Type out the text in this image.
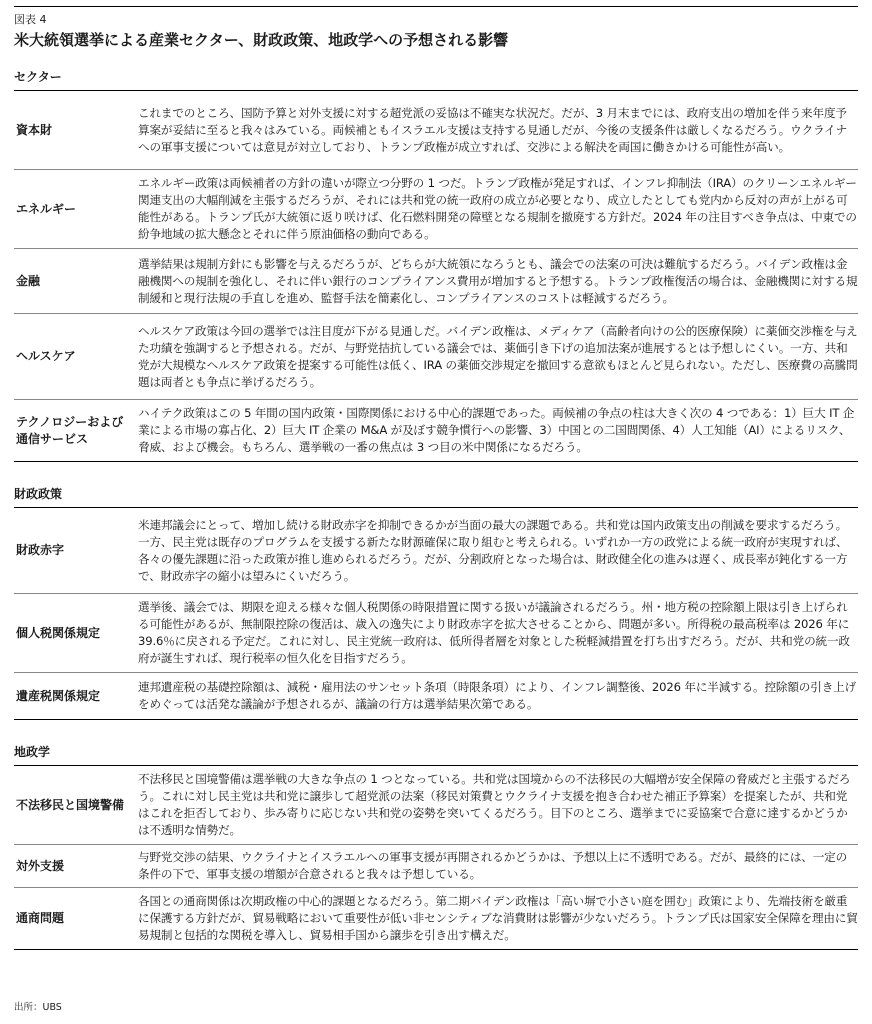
図表 4
米大統領選挙による産業セクター、財政政策、地政学への予想される影響
セクター
資本財
これまでのところ、国防予算と対外支援に対する超党派の妥協は不確実な状況だ。だが、3 月末までには、政府支出の増加を伴う来年度予算案が妥結に至ると我々はみている。両候補ともイスラエル支援は支持する見通しだが、今後の支援条件は厳しくなるだろう。ウクライナへの軍事支援については意見が対立しており、トランプ政権が成立すれば、交渉による解決を両国に働きかける可能性が高い。
エネルギー
エネルギー政策は両候補者の方針の違いが際立つ分野の 1 つだ。トランプ政権が発足すれば、インフレ抑制法（IRA）のクリーンエネルギー関連支出の大幅削減を主張するだろうが、それには共和党の統一政府の成立が必要となり、成立したとしても党内から反対の声が上がる可能性がある。トランプ氏が大統領に返り咲けば、化石燃料開発の障壁となる規制を撤廃する方針だ。2024 年の注目すべき争点は、中東での紛争地域の拡大懸念とそれに伴う原油価格の動向である。
金融
選挙結果は規制方針にも影響を与えるだろうが、どちらが大統領になろうとも、議会での法案の可決は難航するだろう。バイデン政権は金融機関への規制を強化し、それに伴い銀行のコンプライアンス費用が増加すると予想する。トランプ政権復活の場合は、金融機関に対する規制緩和と現行法規の手直しを進め、監督手法を簡素化し、コンプライアンスのコストは軽減するだろう。
ヘルスケア
ヘルスケア政策は今回の選挙では注目度が下がる見通しだ。バイデン政権は、メディケア（高齢者向けの公的医療保険）に薬価交渉権を与えた功績を強調すると予想される。だが、与野党拮抗している議会では、薬価引き下げの追加法案が進展するとは予想しにくい。一方、共和党が大規模なヘルスケア政策を提案する可能性は低く、IRA の薬価交渉規定を撤回する意欲もほとんど見られない。ただし、医療費の高騰問題は両者とも争点に挙げるだろう。
テクノロジーおよび通信サービス
ハイテク政策はこの 5 年間の国内政策・国際関係における中心的課題であった。両候補の争点の柱は大きく次の 4 つである：1）巨大 IT 企業による市場の寡占化、2）巨大 IT 企業の M&A が及ぼす競争慣行への影響、3）中国との二国間関係、4）人工知能（AI）によるリスク、脅威、および機会。もちろん、選挙戦の一番の焦点は 3 つ目の米中関係になるだろう。
財政政策
財政赤字
米連邦議会にとって、増加し続ける財政赤字を抑制できるかが当面の最大の課題である。共和党は国内政策支出の削減を要求するだろう。一方、民主党は既存のプログラムを支援する新たな財源確保に取り組むと考えられる。いずれか一方の政党による統一政府が実現すれば、各々の優先課題に沿った政策が推し進められるだろう。だが、分割政府となった場合は、財政健全化の進みは遅く、成長率が鈍化する一方で、財政赤字の縮小は望みにくいだろう。
個人税関係規定
選挙後、議会では、期限を迎える様々な個人税関係の時限措置に関する扱いが議論されるだろう。州・地方税の控除額上限は引き上げられる可能性があるが、無制限控除の復活は、歳入の逸失により財政赤字を拡大させることから、問題が多い。所得税の最高税率は 2026 年に 39.6％に戻される予定だ。これに対し、民主党統一政府は、低所得者層を対象とした税軽減措置を打ち出すだろう。だが、共和党の統一政府が誕生すれば、現行税率の恒久化を目指すだろう。
遺産税関係規定
連邦遺産税の基礎控除額は、減税・雇用法のサンセット条項（時限条項）により、インフレ調整後、2026 年に半減する。控除額の引き上げをめぐっては活発な議論が予想されるが、議論の行方は選挙結果次第である。
地政学
不法移民と国境警備
不法移民と国境警備は選挙戦の大きな争点の 1 つとなっている。共和党は国境からの不法移民の大幅増が安全保障の脅威だと主張するだろう。これに対し民主党は共和党に譲歩して超党派の法案（移民対策費とウクライナ支援を抱き合わせた補正予算案）を提案したが、共和党はこれを拒否しており、歩み寄りに応じない共和党の姿勢を突いてくるだろう。目下のところ、選挙までに妥協案で合意に達するかどうかは不透明な情勢だ。
対外支援
与野党交渉の結果、ウクライナとイスラエルへの軍事支援が再開されるかどうかは、予想以上に不透明である。だが、最終的には、一定の条件の下で、軍事支援の増額が合意されると我々は予想している。
通商問題
各国との通商関係は次期政権の中心的課題となるだろう。第二期バイデン政権は「高い塀で小さい庭を囲む」政策により、先端技術を厳重に保護する方針だが、貿易戦略において重要性が低い非センシティブな消費財は影響が少ないだろう。トランプ氏は国家安全保障を理由に貿易規制と包括的な関税を導入し、貿易相手国から譲歩を引き出す構えだ。
出所：UBS
